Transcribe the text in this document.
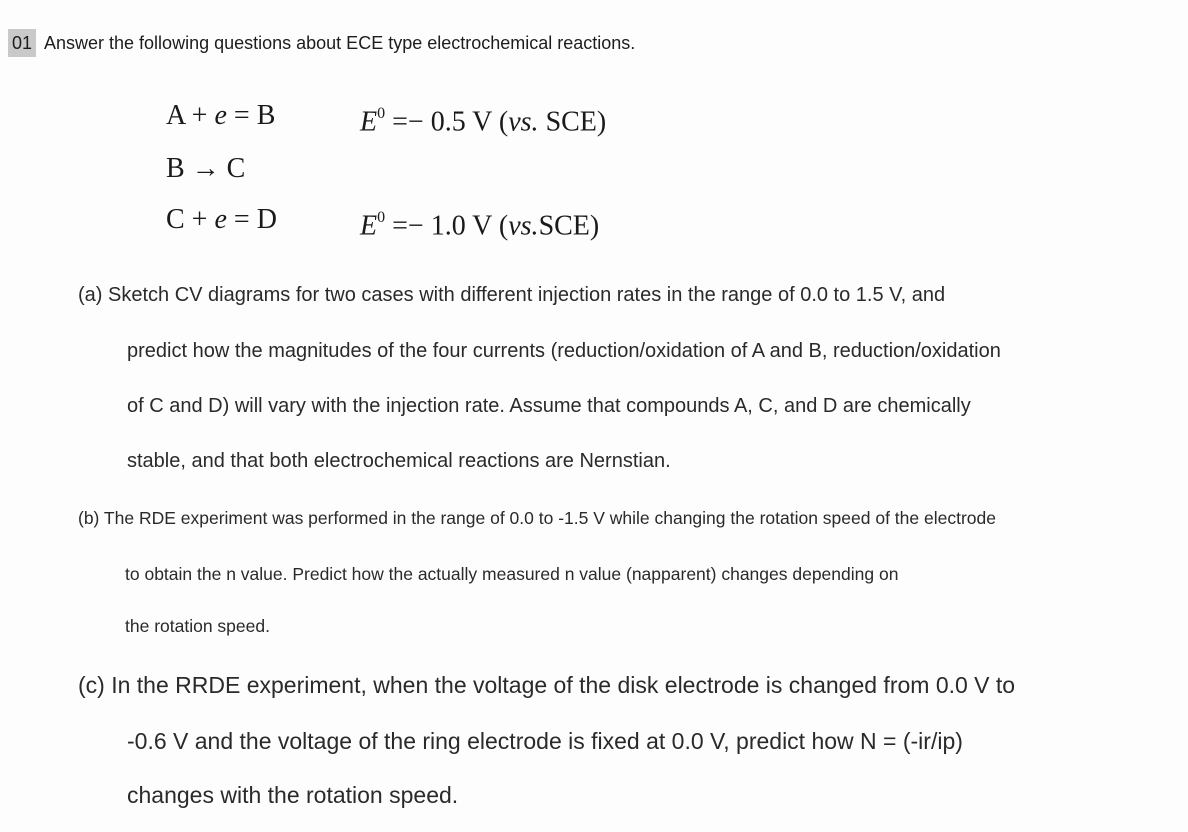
01 Answer the following questions about ECE type electrochemical reactions.
A + e = B	$E^0 =- 0.5$ V (vs. SCE)
B → C
C + e = D	$E^0 =- 1.0$ V (vs.SCE)
(a) Sketch CV diagrams for two cases with different injection rates in the range of 0.0 to 1.5 V, and
predict how the magnitudes of the four currents (reduction/oxidation of A and B, reduction/oxidation
of C and D) will vary with the injection rate. Assume that compounds A, C, and D are chemically
stable, and that both electrochemical reactions are Nernstian.
(b) The RDE experiment was performed in the range of 0.0 to -1.5 V while changing the rotation speed of the electrode
to obtain the n value. Predict how the actually measured n value (napparent) changes depending on
the rotation speed.
(c) In the RRDE experiment, when the voltage of the disk electrode is changed from 0.0 V to
-0.6 V and the voltage of the ring electrode is fixed at 0.0 V, predict how N = (-ir/ip)
changes with the rotation speed.
